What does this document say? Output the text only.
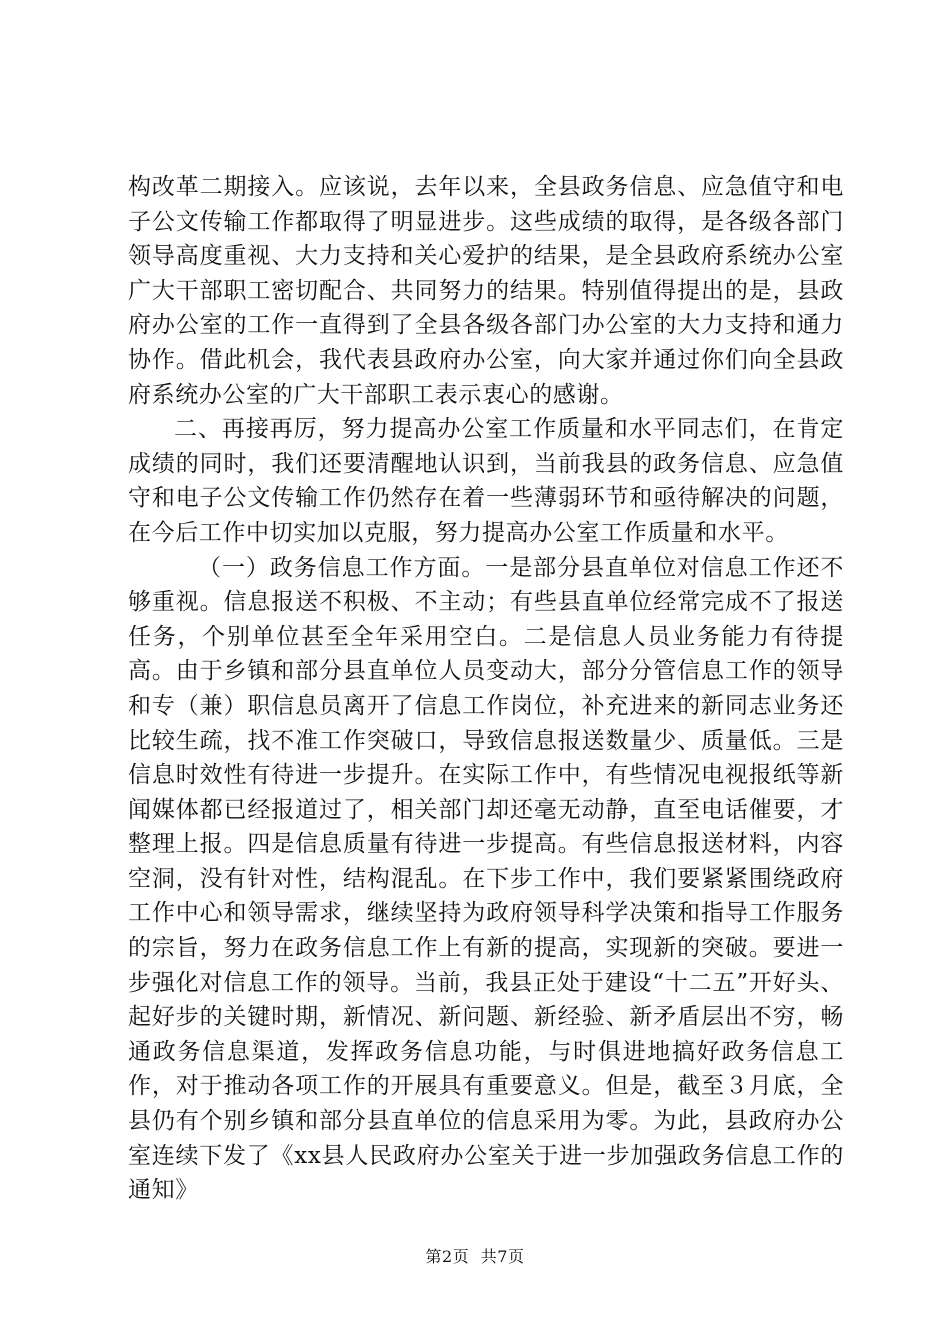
构改革二期接入。应该说，去年以来，全县政务信息、应急值守和电子公文传输工作都取得了明显进步。这些成绩的取得，是各级各部门领导高度重视、大力支持和关心爱护的结果，是全县政府系统办公室广大干部职工密切配合、共同努力的结果。特别值得提出的是，县政府办公室的工作一直得到了全县各级各部门办公室的大力支持和通力协作。借此机会，我代表县政府办公室，向大家并通过你们向全县政府系统办公室的广大干部职工表示衷心的感谢。

二、再接再厉，努力提高办公室工作质量和水平同志们，在肯定成绩的同时，我们还要清醒地认识到，当前我县的政务信息、应急值守和电子公文传输工作仍然存在着一些薄弱环节和亟待解决的问题，在今后工作中切实加以克服，努力提高办公室工作质量和水平。

（一）政务信息工作方面。一是部分县直单位对信息工作还不够重视。信息报送不积极、不主动；有些县直单位经常完成不了报送任务，个别单位甚至全年采用空白。二是信息人员业务能力有待提高。由于乡镇和部分县直单位人员变动大，部分分管信息工作的领导和专（兼）职信息员离开了信息工作岗位，补充进来的新同志业务还比较生疏，找不准工作突破口，导致信息报送数量少、质量低。三是信息时效性有待进一步提升。在实际工作中，有些情况电视报纸等新闻媒体都已经报道过了，相关部门却还毫无动静，直至电话催要，才整理上报。四是信息质量有待进一步提高。有些信息报送材料，内容空洞，没有针对性，结构混乱。在下步工作中，我们要紧紧围绕政府工作中心和领导需求，继续坚持为政府领导科学决策和指导工作服务的宗旨，努力在政务信息工作上有新的提高，实现新的突破。要进一步强化对信息工作的领导。当前，我县正处于建设“十二五”开好头、起好步的关键时期，新情况、新问题、新经验、新矛盾层出不穷，畅通政务信息渠道，发挥政务信息功能，与时俱进地搞好政务信息工作，对于推动各项工作的开展具有重要意义。但是，截至３月底，全县仍有个别乡镇和部分县直单位的信息采用为零。为此，县政府办公室连续下发了《xx县人民政府办公室关于进一步加强政务信息工作的通知》

第2页 共7页
